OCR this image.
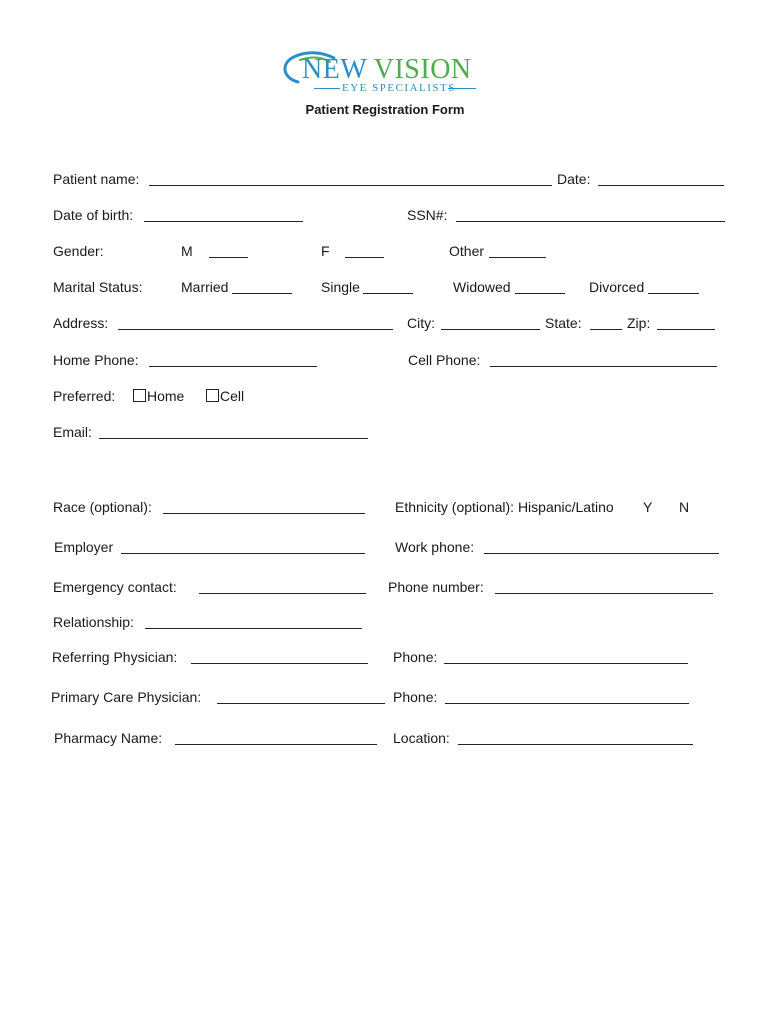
NEW VISION
EYE SPECIALISTS
Patient Registration Form
Patient name:	Date:
Date of birth:	SSN#:
Gender:	M	F	Other
Marital Status:	Married	Single	Widowed	Divorced
Address:	City:	State:	Zip:
Home Phone:	Cell Phone:
Preferred:	Home	Cell
Email:
Race (optional):	Ethnicity (optional): Hispanic/Latino Y N
Employer	Work phone:
Emergency contact:	Phone number:
Relationship:
Referring Physician:	Phone:
Primary Care Physician:	Phone:
Pharmacy Name:	Location:
